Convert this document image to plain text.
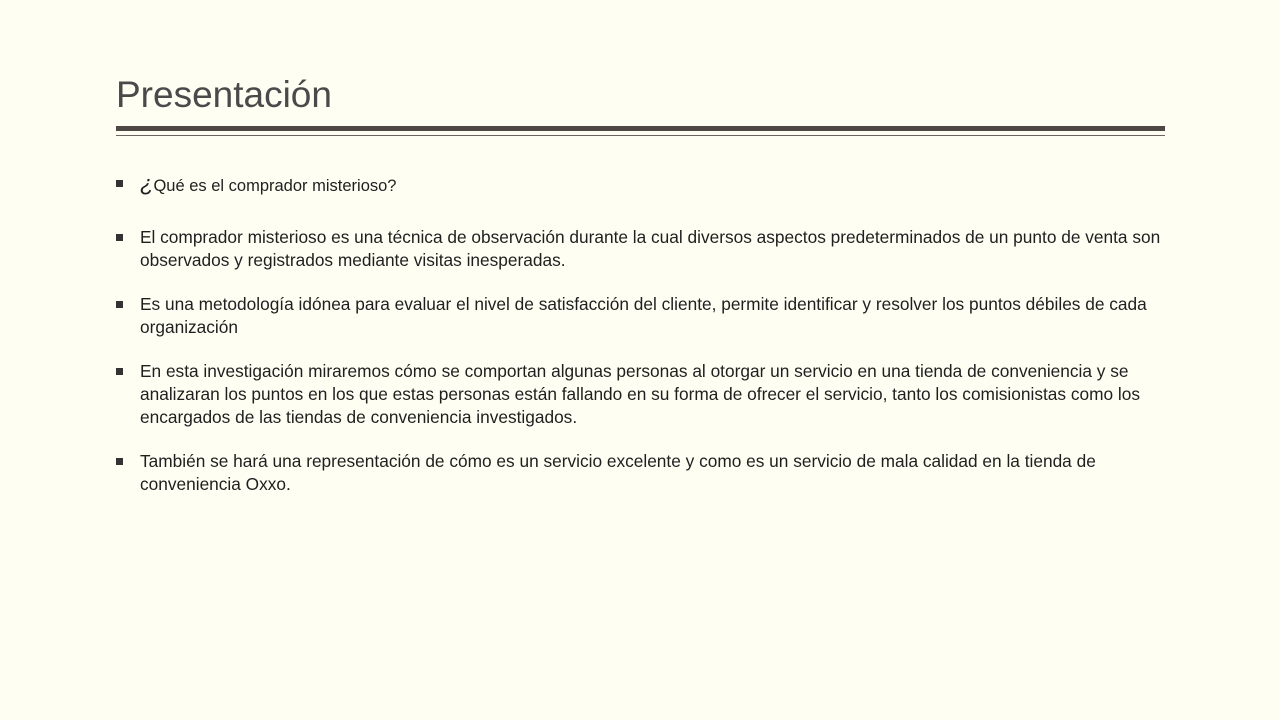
Presentación
¿Qué es el comprador misterioso?
El comprador misterioso es una técnica de observación durante la cual diversos aspectos predeterminados de un punto de venta son observados y registrados mediante visitas inesperadas.
Es una metodología idónea para evaluar el nivel de satisfacción del cliente, permite identificar y resolver los puntos débiles de cada organización
En esta investigación miraremos cómo se comportan algunas personas al otorgar un servicio en una tienda de conveniencia y se analizaran los puntos en los que estas personas están fallando en su forma de ofrecer el servicio, tanto los comisionistas como los encargados de las tiendas de conveniencia investigados.
También se hará una representación de cómo es un servicio excelente y como es un servicio de mala calidad en la tienda de conveniencia Oxxo.
